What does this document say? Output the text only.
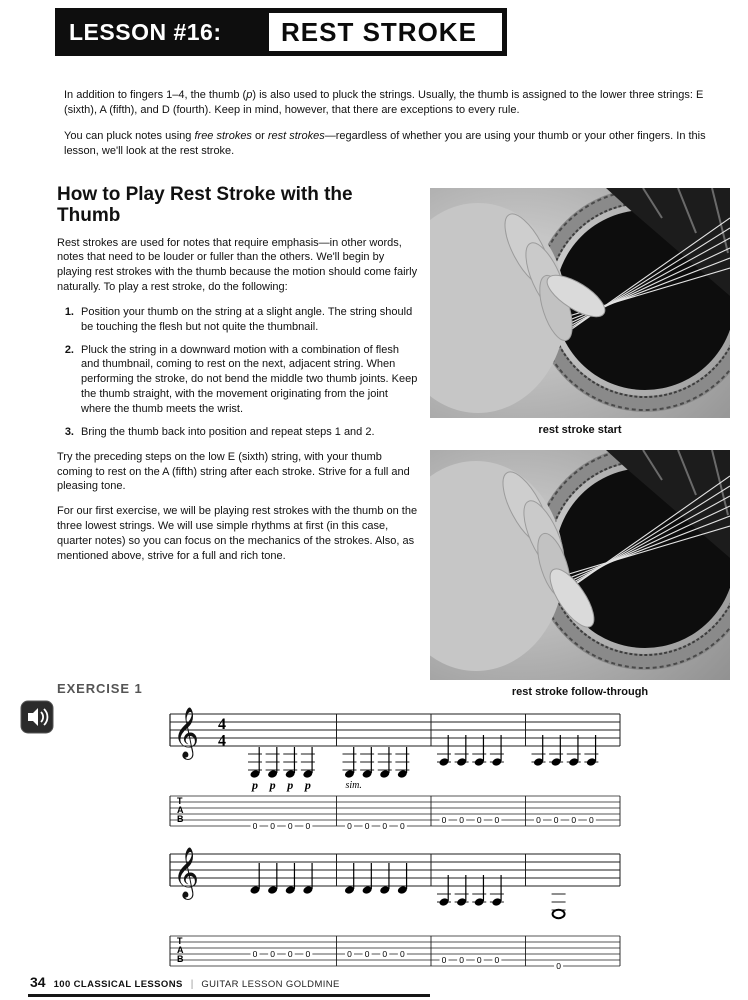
LESSON #16: REST STROKE

In addition to fingers 1–4, the thumb (p) is also used to pluck the strings. Usually, the thumb is assigned to the lower three strings: E (sixth), A (fifth), and D (fourth). Keep in mind, however, that there are exceptions to every rule.

You can pluck notes using free strokes or rest strokes—regardless of whether you are using your thumb or your other fingers. In this lesson, we'll look at the rest stroke.

How to Play Rest Stroke with the Thumb

Rest strokes are used for notes that require emphasis—in other words, notes that need to be louder or fuller than the others. We'll begin by playing rest strokes with the thumb because the motion should come fairly naturally. To play a rest stroke, do the following:

1. Position your thumb on the string at a slight angle. The string should be touching the flesh but not quite the thumbnail.
2. Pluck the string in a downward motion with a combination of flesh and thumbnail, coming to rest on the next, adjacent string. When performing the stroke, do not bend the middle two thumb joints. Keep the thumb straight, with the movement originating from the joint where the thumb meets the wrist.
3. Bring the thumb back into position and repeat steps 1 and 2.

Try the preceding steps on the low E (sixth) string, with your thumb coming to rest on the A (fifth) string after each stroke. Strive for a full and pleasing tone.

For our first exercise, we will be playing rest strokes with the thumb on the three lowest strings. We will use simple rhythms at first (in this case, quarter notes) so you can focus on the mechanics of the strokes. Also, as mentioned above, strive for a full and rich tone.

rest stroke start
rest stroke follow-through
EXERCISE 1
𝄞 4
4
T
A
B
p
0
p
0
p
0
p
0
sim.
0 0 0 0
0 0 0 0	0 0 0 0
𝄞
T
A
B	0 0 0 0	0 0 0 0
0 0 0 0
0
34 100 CLASSICAL LESSONS | GUITAR LESSON GOLDMINE
